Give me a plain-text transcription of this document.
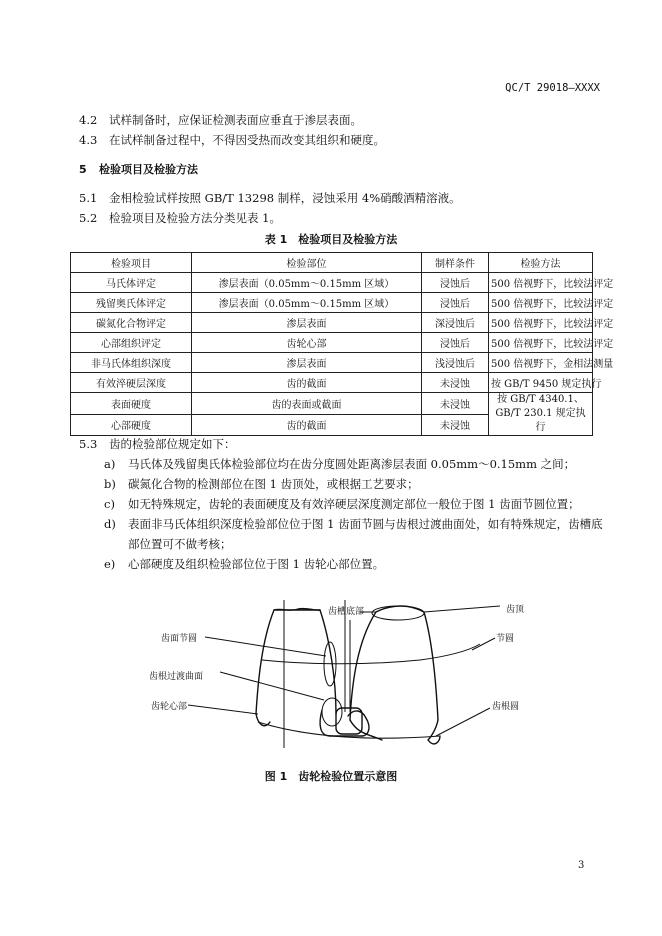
QC/T 29018—XXXX
4.2 试样制备时，应保证检测表面应垂直于渗层表面。
4.3 在试样制备过程中，不得因受热而改变其组织和硬度。
5 检验项目及检验方法
5.1 金相检验试样按照 GB/T 13298 制样，浸蚀采用 4%硝酸酒精溶液。
5.2 检验项目及检验方法分类见表 1。
表 1　检验项目及检验方法
检验项目	检验部位	制样条件	检验方法
马氏体评定	渗层表面（0.05mm～0.15mm 区域）	浸蚀后	500 倍视野下，比较法评定
残留奥氏体评定	渗层表面（0.05mm～0.15mm 区域）	浸蚀后	500 倍视野下，比较法评定
碳氮化合物评定	渗层表面	深浸蚀后	500 倍视野下，比较法评定
心部组织评定	齿轮心部	浸蚀后	500 倍视野下，比较法评定
非马氏体组织深度	渗层表面	浅浸蚀后	500 倍视野下，金相法测量
有效淬硬层深度	齿的截面	未浸蚀	按 GB/T 9450 规定执行
表面硬度	齿的表面或截面	未浸蚀	按 GB/T 4340.1、GB/T 230.1 规定执行
心部硬度	齿的截面	未浸蚀	
5.3 齿的检验部位规定如下：
a) 马氏体及残留奥氏体检验部位均在齿分度圆处距离渗层表面 0.05mm～0.15mm 之间；
b) 碳氮化合物的检测部位在图 1 齿顶处，或根据工艺要求；
c) 如无特殊规定，齿轮的表面硬度及有效淬硬层深度测定部位一般位于图 1 齿面节圆位置；
d) 表面非马氏体组织深度检验部位位于图 1 齿面节圆与齿根过渡曲面处，如有特殊规定，齿槽底
部位置可不做考核；
e) 心部硬度及组织检验部位位于图 1 齿轮心部位置。
齿槽底部	齿顶
齿面节圆	节圆
齿根过渡曲面
齿轮心部	齿根圆
图 1　齿轮检验位置示意图
3
